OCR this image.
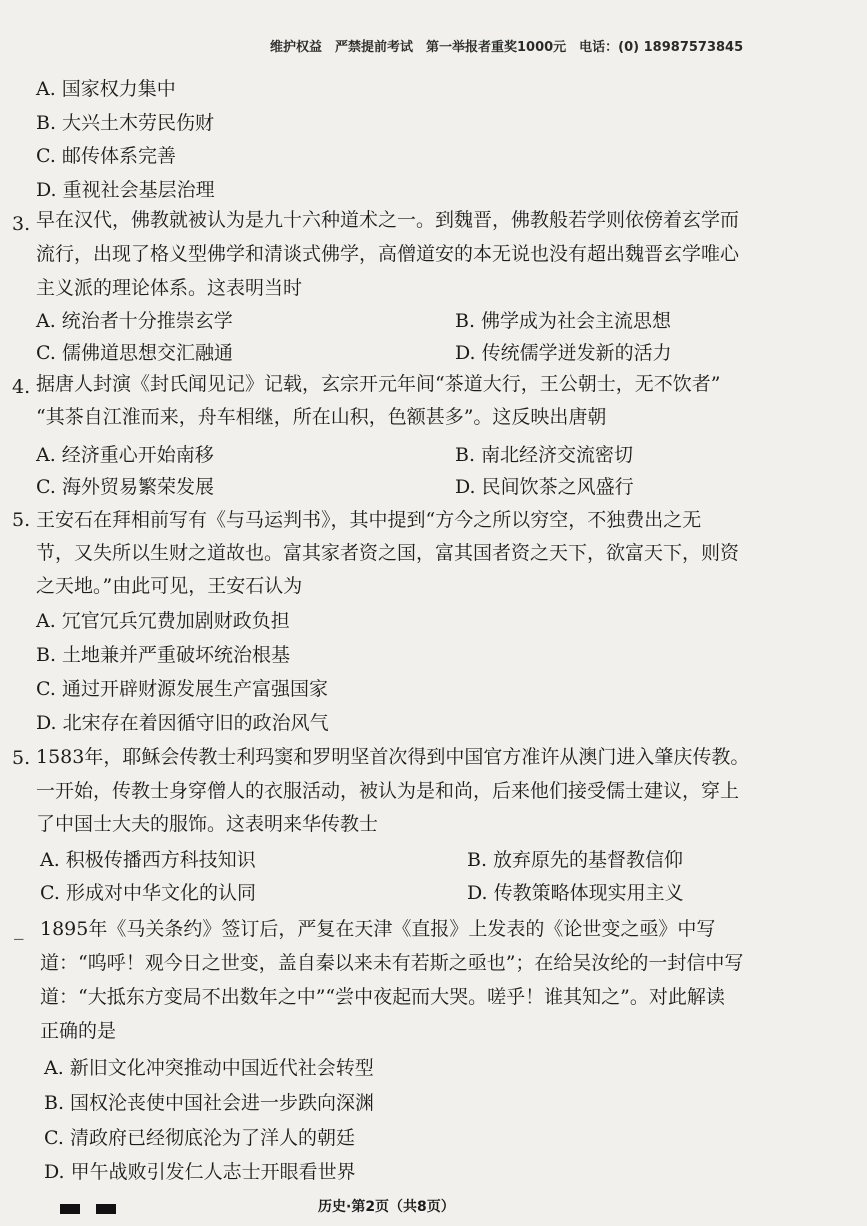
维护权益　严禁提前考试　第一举报者重奖1000元　电话：(0) 18987573845
A. 国家权力集中
B. 大兴土木劳民伤财
C. 邮传体系完善
D. 重视社会基层治理
3. 早在汉代，佛教就被认为是九十六种道术之一。到魏晋，佛教般若学则依傍着玄学而
流行，出现了格义型佛学和清谈式佛学，高僧道安的本无说也没有超出魏晋玄学唯心
主义派的理论体系。这表明当时
A. 统治者十分推崇玄学	B. 佛学成为社会主流思想
C. 儒佛道思想交汇融通	D. 传统儒学迸发新的活力
4. 据唐人封演《封氏闻见记》记载，玄宗开元年间“茶道大行，王公朝士，无不饮者”
“其茶自江淮而来，舟车相继，所在山积，色额甚多”。这反映出唐朝
A. 经济重心开始南移	B. 南北经济交流密切
C. 海外贸易繁荣发展	D. 民间饮茶之风盛行
5. 王安石在拜相前写有《与马运判书》，其中提到“方今之所以穷空，不独费出之无
节，又失所以生财之道故也。富其家者资之国，富其国者资之天下，欲富天下，则资
之天地。”由此可见，王安石认为
A. 冗官冗兵冗费加剧财政负担
B. 土地兼并严重破坏统治根基
C. 通过开辟财源发展生产富强国家
D. 北宋存在着因循守旧的政治风气
5. 1583年，耶稣会传教士利玛窦和罗明坚首次得到中国官方准许从澳门进入肇庆传教。
一开始，传教士身穿僧人的衣服活动，被认为是和尚，后来他们接受儒士建议，穿上
了中国士大夫的服饰。这表明来华传教士
A. 积极传播西方科技知识	B. 放弃原先的基督教信仰
C. 形成对中华文化的认同	D. 传教策略体现实用主义
_ 1895年《马关条约》签订后，严复在天津《直报》上发表的《论世变之亟》中写
道：“呜呼！观今日之世变，盖自秦以来未有若斯之亟也”；在给吴汝纶的一封信中写
道：“大抵东方变局不出数年之中”“尝中夜起而大哭。嗟乎！谁其知之”。对此解读
正确的是
A. 新旧文化冲突推动中国近代社会转型
B. 国权沦丧使中国社会进一步跌向深渊
C. 清政府已经彻底沦为了洋人的朝廷
D. 甲午战败引发仁人志士开眼看世界
历史·第2页（共8页）
